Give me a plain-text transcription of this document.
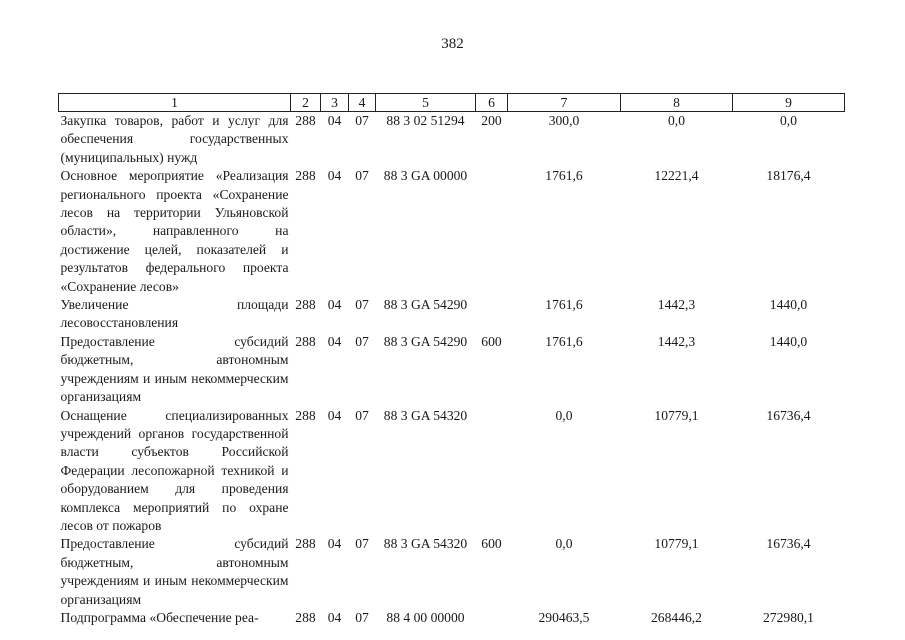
382
1	2	3	4	5	6	7	8	9
Закупка товаров, работ и услуг для обеспечения государственных (муниципальных) нужд	288	04	07	88 3 02 51294	200	300,0	0,0	0,0
Основное мероприятие «Реализация регионального проекта «Сохранение лесов на территории Ульяновской области», направленного на достижение целей, показателей и результатов федерального проекта «Сохранение лесов»	288	04	07	88 3 GA 00000		1761,6	12221,4	18176,4
Увеличение площади лесовосстановления	288	04	07	88 3 GA 54290		1761,6	1442,3	1440,0
Предоставление субсидий бюджетным, автономным учреждениям и иным некоммерческим организациям	288	04	07	88 3 GA 54290	600	1761,6	1442,3	1440,0
Оснащение специализированных учреждений органов государственной власти субъектов Российской Федерации лесопожарной техникой и оборудованием для проведения комплекса мероприятий по охране лесов от пожаров	288	04	07	88 3 GA 54320		0,0	10779,1	16736,4
Предоставление субсидий бюджетным, автономным учреждениям и иным некоммерческим организациям	288	04	07	88 3 GA 54320	600	0,0	10779,1	16736,4
Подпрограмма «Обеспечение реа-	288	04	07	88 4 00 00000		290463,5	268446,2	272980,1
